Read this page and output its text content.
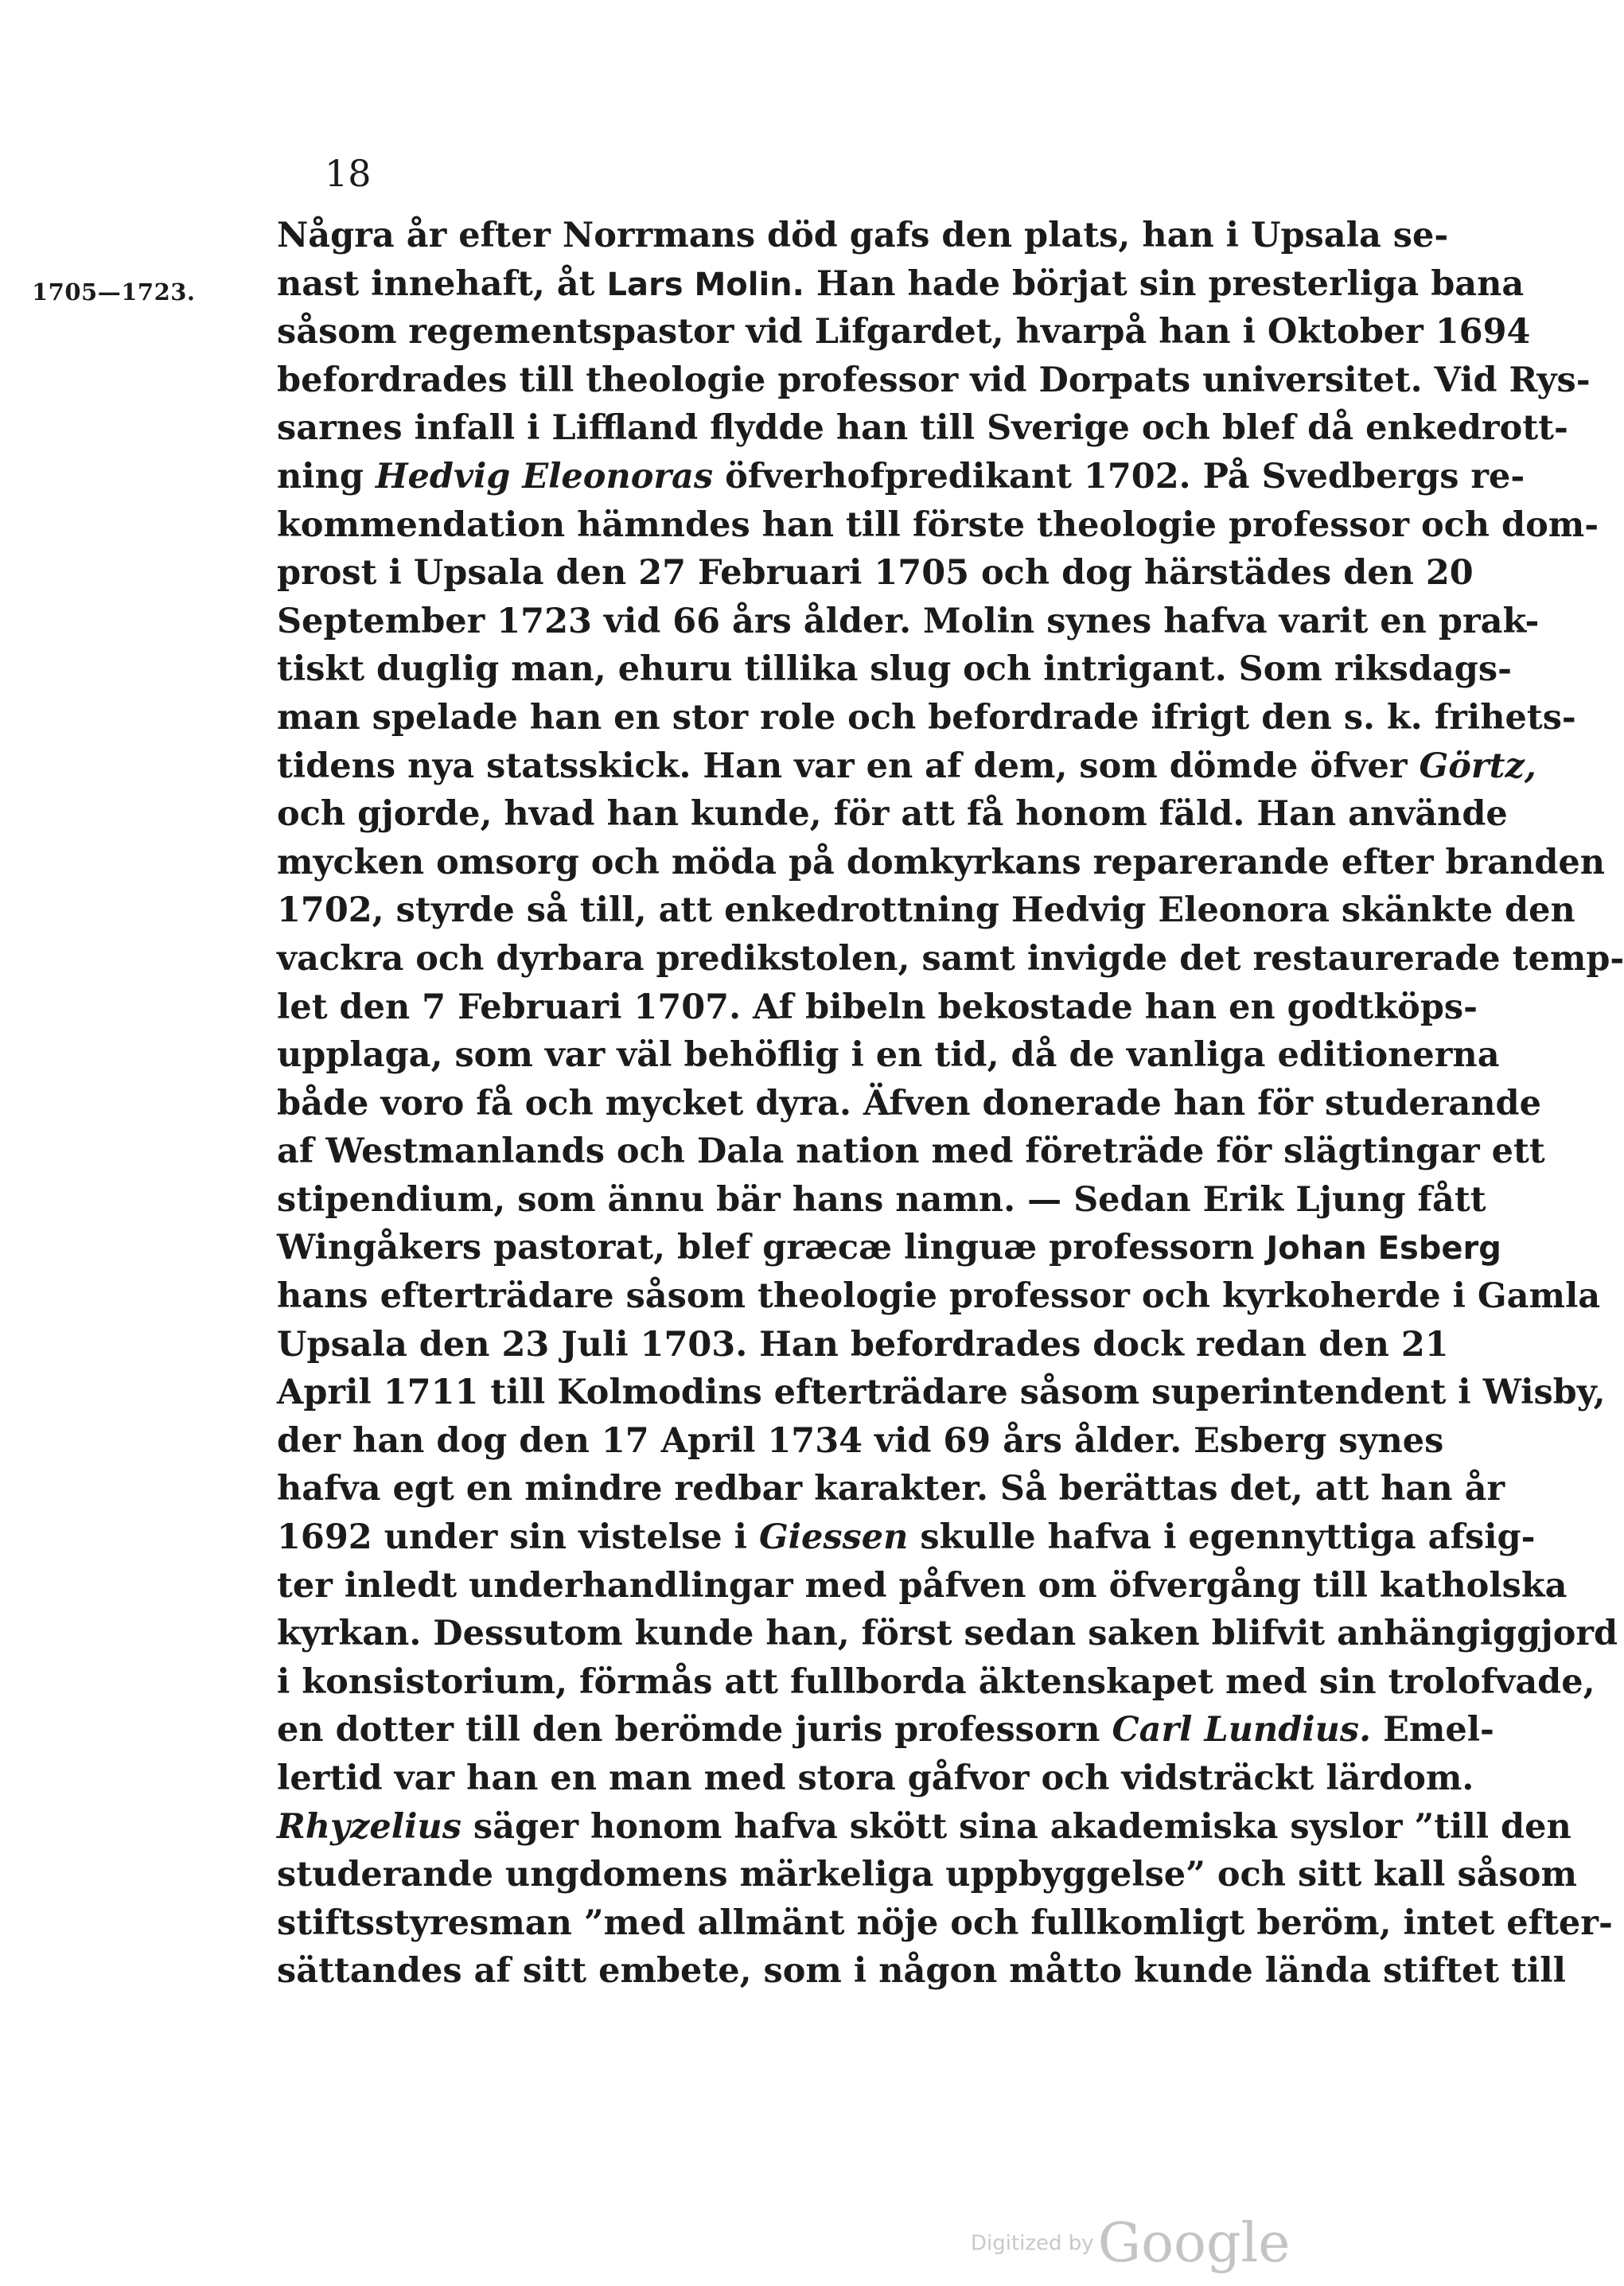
18
1705—1723.
Några år efter Norrmans död gafs den plats, han i Upsala se-
nast innehaft, åt Lars Molin. Han hade börjat sin presterliga bana
såsom regementspastor vid Lifgardet, hvarpå han i Oktober 1694
befordrades till theologie professor vid Dorpats universitet. Vid Rys-
sarnes infall i Liffland flydde han till Sverige och blef då enkedrott-
ning Hedvig Eleonoras öfverhofpredikant 1702. På Svedbergs re-
kommendation hämndes han till förste theologie professor och dom-
prost i Upsala den 27 Februari 1705 och dog härstädes den 20
September 1723 vid 66 års ålder. Molin synes hafva varit en prak-
tiskt duglig man, ehuru tillika slug och intrigant. Som riksdags-
man spelade han en stor role och befordrade ifrigt den s. k. frihets-
tidens nya statsskick. Han var en af dem, som dömde öfver Görtz,
och gjorde, hvad han kunde, för att få honom fäld. Han använde
mycken omsorg och möda på domkyrkans reparerande efter branden
1702, styrde så till, att enkedrottning Hedvig Eleonora skänkte den
vackra och dyrbara predikstolen, samt invigde det restaurerade temp-
let den 7 Februari 1707. Af bibeln bekostade han en godtköps-
upplaga, som var väl behöflig i en tid, då de vanliga editionerna
både voro få och mycket dyra. Äfven donerade han för studerande
af Westmanlands och Dala nation med företräde för slägtingar ett
stipendium, som ännu bär hans namn. — Sedan Erik Ljung fått
Wingåkers pastorat, blef græcæ linguæ professorn Johan Esberg
hans efterträdare såsom theologie professor och kyrkoherde i Gamla
Upsala den 23 Juli 1703. Han befordrades dock redan den 21
April 1711 till Kolmodins efterträdare såsom superintendent i Wisby,
der han dog den 17 April 1734 vid 69 års ålder. Esberg synes
hafva egt en mindre redbar karakter. Så berättas det, att han år
1692 under sin vistelse i Giessen skulle hafva i egennyttiga afsig-
ter inledt underhandlingar med påfven om öfvergång till katholska
kyrkan. Dessutom kunde han, först sedan saken blifvit anhängiggjord
i konsistorium, förmås att fullborda äktenskapet med sin trolofvade,
en dotter till den berömde juris professorn Carl Lundius. Emel-
lertid var han en man med stora gåfvor och vidsträckt lärdom.
Rhyzelius säger honom hafva skött sina akademiska syslor ”till den
studerande ungdomens märkeliga uppbyggelse” och sitt kall såsom
stiftsstyresman ”med allmänt nöje och fullkomligt beröm, intet efter-
sättandes af sitt embete, som i någon måtto kunde lända stiftet till
Digitized by Google
